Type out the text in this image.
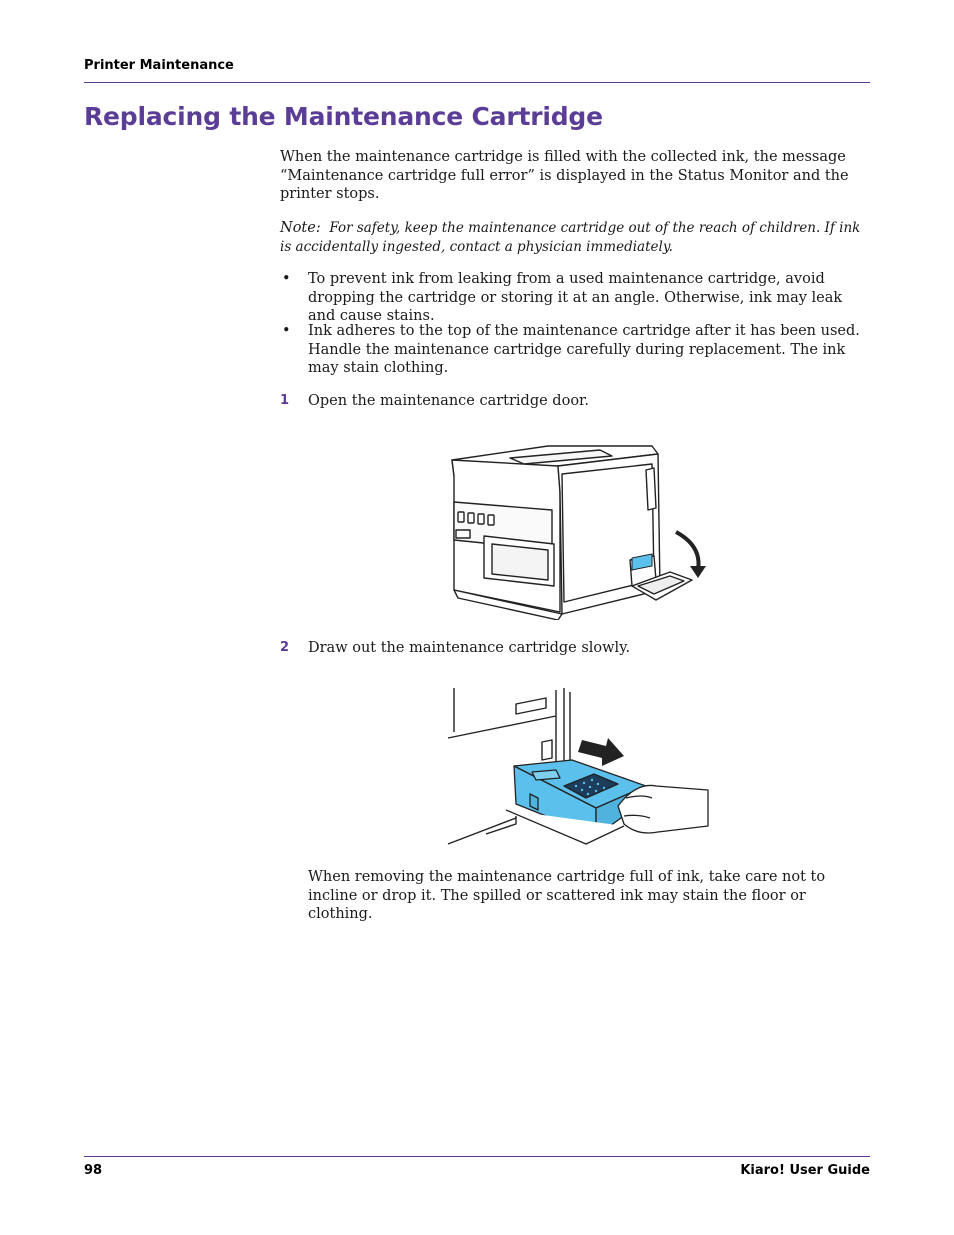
Printer Maintenance
Replacing the Maintenance Cartridge

When the maintenance cartridge is filled with the collected ink, the message “Maintenance cartridge full error” is displayed in the Status Monitor and the printer stops.

Note: For safety, keep the maintenance cartridge out of the reach of children. If ink is accidentally ingested, contact a physician immediately.

• To prevent ink from leaking from a used maintenance cartridge, avoid dropping the cartridge or storing it at an angle. Otherwise, ink may leak and cause stains.
• Ink adheres to the top of the maintenance cartridge after it has been used. Handle the maintenance cartridge carefully during replacement. The ink may stain clothing.
1 Open the maintenance cartridge door.
2 Draw out the maintenance cartridge slowly.

When removing the maintenance cartridge full of ink, take care not to incline or drop it. The spilled or scattered ink may stain the floor or clothing.

98	Kiaro! User Guide
